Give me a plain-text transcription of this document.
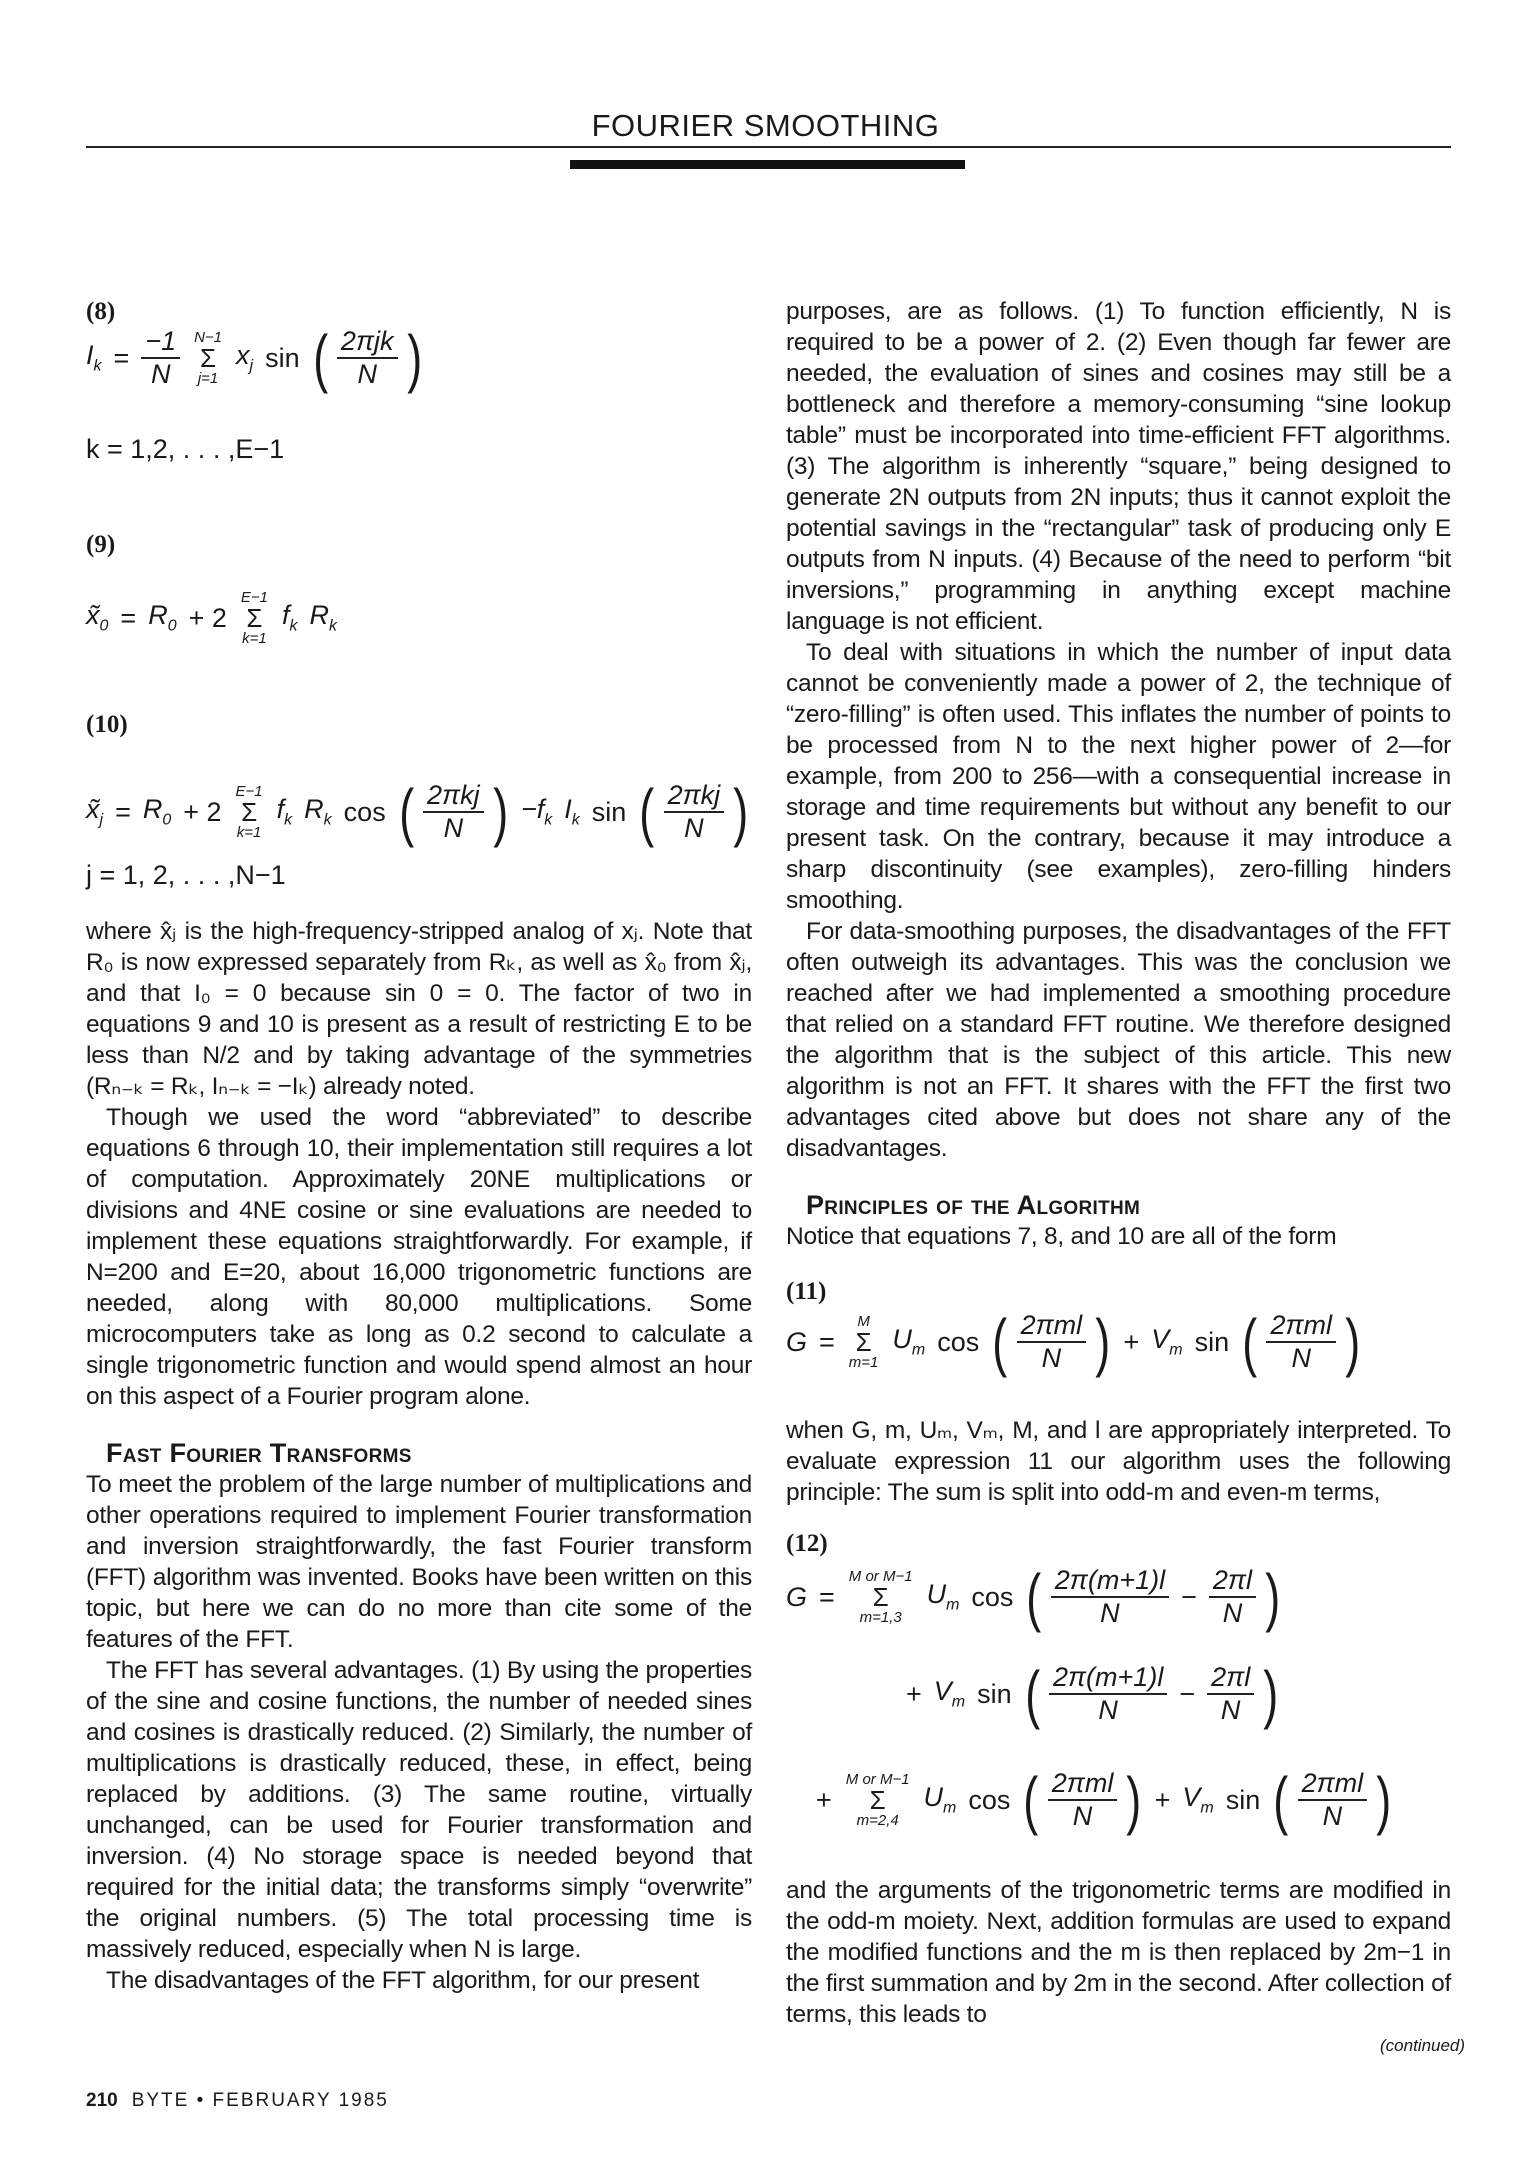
FOURIER SMOOTHING
(8)
$I_k = \frac{-1}{N} N-1$
Σ
j=1
$x_j$ sin ( $\frac{\text{2πjk}}{N}$ )
k = 1,2, . . . ,E−1
(9)
$x̃_0 = R_0 + 2$
E−1
Σ
k=1
$f_k$ $R_k$
(10)
$x̃_j = R_0 + 2$
E−1
Σ
k=1
$f_k$ $R_k$ cos ( $\frac{\text{2πkj}}{N}$ ) $-f_k$ $I_k$ sin ( $\frac{\text{2πkj}}{N}$ )
j = 1, 2, . . . ,N−1

where x̂ⱼ is the high-frequency-stripped analog of xⱼ. Note that R₀ is now expressed separately from Rₖ, as well as x̂₀ from x̂ⱼ, and that I₀ = 0 because sin 0 = 0. The factor of two in equations 9 and 10 is present as a result of restricting E to be less than N/2 and by taking advantage of the symmetries (Rₙ₋ₖ = Rₖ, Iₙ₋ₖ = −Iₖ) already noted.

Though we used the word “abbreviated” to describe equations 6 through 10, their implementation still requires a lot of computation. Approximately 20NE multiplications or divisions and 4NE cosine or sine evaluations are needed to implement these equations straightforwardly. For example, if N=200 and E=20, about 16,000 trigonometric functions are needed, along with 80,000 multiplications. Some microcomputers take as long as 0.2 second to calculate a single trigonometric function and would spend almost an hour on this aspect of a Fourier program alone.

Fast Fourier Transforms

To meet the problem of the large number of multiplications and other operations required to implement Fourier transformation and inversion straightforwardly, the fast Fourier transform (FFT) algorithm was invented. Books have been written on this topic, but here we can do no more than cite some of the features of the FFT.

The FFT has several advantages. (1) By using the properties of the sine and cosine functions, the number of needed sines and cosines is drastically reduced. (2) Similarly, the number of multiplications is drastically reduced, these, in effect, being replaced by additions. (3) The same routine, virtually unchanged, can be used for Fourier transformation and inversion. (4) No storage space is needed beyond that required for the initial data; the transforms simply “overwrite” the original numbers. (5) The total processing time is massively reduced, especially when N is large.

The disadvantages of the FFT algorithm, for our present

purposes, are as follows. (1) To function efficiently, N is required to be a power of 2. (2) Even though far fewer are needed, the evaluation of sines and cosines may still be a bottleneck and therefore a memory-consuming “sine lookup table” must be incorporated into time-efficient FFT algorithms. (3) The algorithm is inherently “square,” being designed to generate 2N outputs from 2N inputs; thus it cannot exploit the potential savings in the “rectangular” task of producing only E outputs from N inputs. (4) Because of the need to perform “bit inversions,” programming in anything except machine language is not efficient.

To deal with situations in which the number of input data cannot be conveniently made a power of 2, the technique of “zero-filling” is often used. This inflates the number of points to be processed from N to the next higher power of 2—for example, from 200 to 256—with a consequential increase in storage and time requirements but without any benefit to our present task. On the contrary, because it may introduce a sharp discontinuity (see examples), zero-filling hinders smoothing.

For data-smoothing purposes, the disadvantages of the FFT often outweigh its advantages. This was the conclusion we reached after we had implemented a smoothing procedure that relied on a standard FFT routine. We therefore designed the algorithm that is the subject of this article. This new algorithm is not an FFT. It shares with the FFT the first two advantages cited above but does not share any of the disadvantages.

Principles of the Algorithm

Notice that equations 7, 8, and 10 are all of the form

(11)
G =
M
Σ
m=1
$U_m$ cos ( $\frac{\text{2πml}}{N}$ ) + $V_m$ sin ( $\frac{\text{2πml}}{N}$ )

when G, m, Uₘ, Vₘ, M, and l are appropriately interpreted. To evaluate expression 11 our algorithm uses the following principle: The sum is split into odd-m and even-m terms,

(12)
G =
M or M−1
Σ
m=1,3
$U_m$ cos ( $\frac{2\pi(m+1)l}{N} - \frac{2\pi l}{N}$ )
+ $V_m$ sin ( $\frac{2\pi(m+1)l}{N} - \frac{2\pi l}{N}$ )
+
M or M−1
Σ
m=2,4
$U_m$ cos ( $\frac{\text{2πml}}{N}$ ) + $V_m$ sin ( $\frac{\text{2πml}}{N}$ )

and the arguments of the trigonometric terms are modified in the odd-m moiety. Next, addition formulas are used to expand the modified functions and the m is then replaced by 2m−1 in the first summation and by 2m in the second. After collection of terms, this leads to

(continued)
210 BYTE • FEBRUARY 1985
